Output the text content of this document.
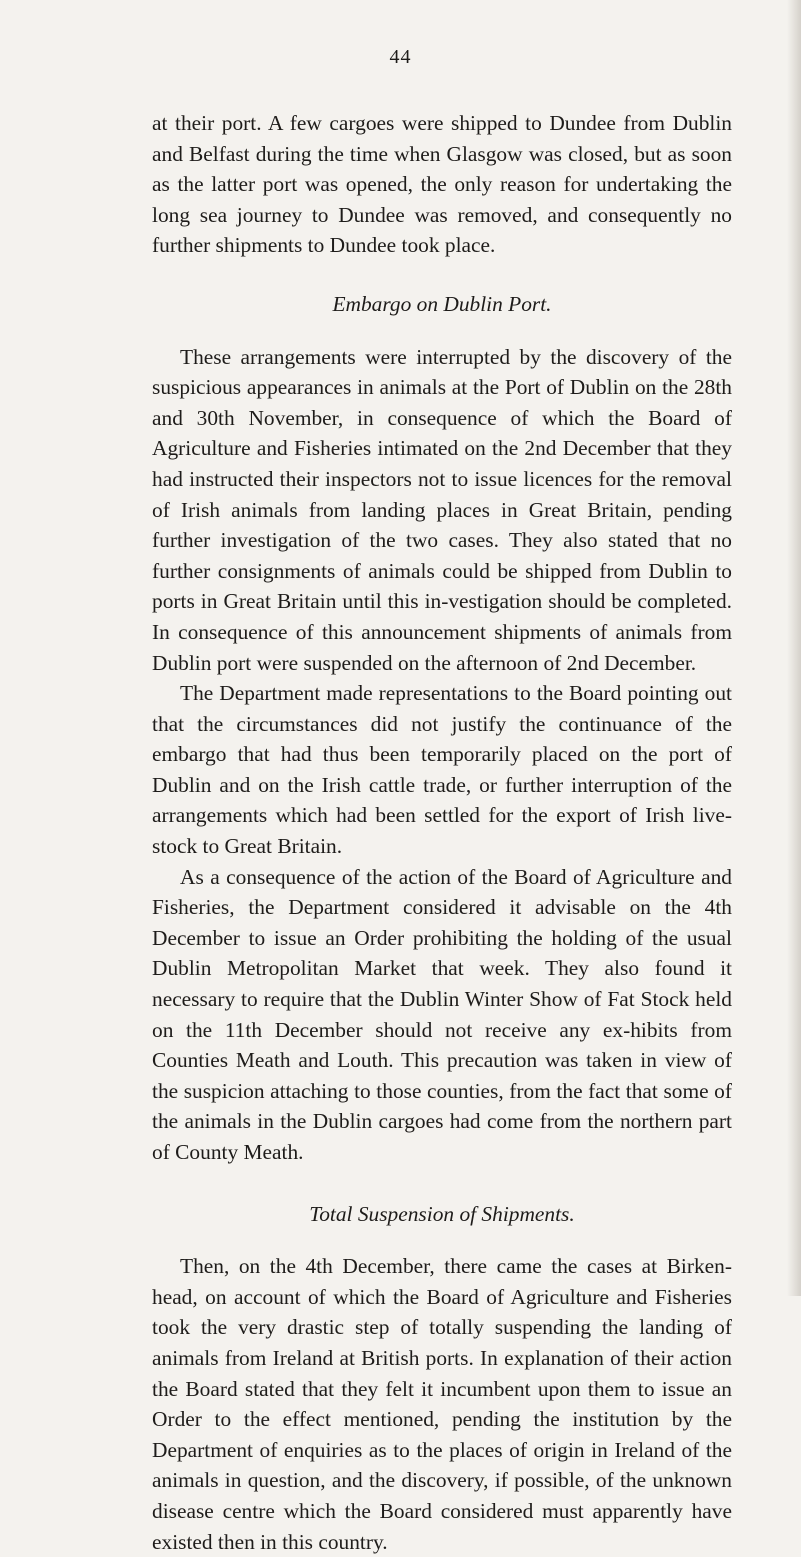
44

at their port. A few cargoes were shipped to Dundee from Dublin and Belfast during the time when Glasgow was closed, but as soon as the latter port was opened, the only reason for undertaking the long sea journey to Dundee was removed, and consequently no further shipments to Dundee took place.

Embargo on Dublin Port.

These arrangements were interrupted by the discovery of the suspicious appearances in animals at the Port of Dublin on the 28th and 30th November, in consequence of which the Board of Agriculture and Fisheries intimated on the 2nd December that they had instructed their inspectors not to issue licences for the removal of Irish animals from landing places in Great Britain, pending further investigation of the two cases. They also stated that no further consignments of animals could be shipped from Dublin to ports in Great Britain until this in-vestigation should be completed. In consequence of this announcement shipments of animals from Dublin port were suspended on the afternoon of 2nd December.

The Department made representations to the Board pointing out that the circumstances did not justify the continuance of the embargo that had thus been temporarily placed on the port of Dublin and on the Irish cattle trade, or further interruption of the arrangements which had been settled for the export of Irish live-stock to Great Britain.

As a consequence of the action of the Board of Agriculture and Fisheries, the Department considered it advisable on the 4th December to issue an Order prohibiting the holding of the usual Dublin Metropolitan Market that week. They also found it necessary to require that the Dublin Winter Show of Fat Stock held on the 11th December should not receive any ex-hibits from Counties Meath and Louth. This precaution was taken in view of the suspicion attaching to those counties, from the fact that some of the animals in the Dublin cargoes had come from the northern part of County Meath.

Total Suspension of Shipments.

Then, on the 4th December, there came the cases at Birken-head, on account of which the Board of Agriculture and Fisheries took the very drastic step of totally suspending the landing of animals from Ireland at British ports. In explanation of their action the Board stated that they felt it incumbent upon them to issue an Order to the effect mentioned, pending the institution by the Department of enquiries as to the places of origin in Ireland of the animals in question, and the discovery, if possible, of the unknown disease centre which the Board considered must apparently have existed then in this country.
